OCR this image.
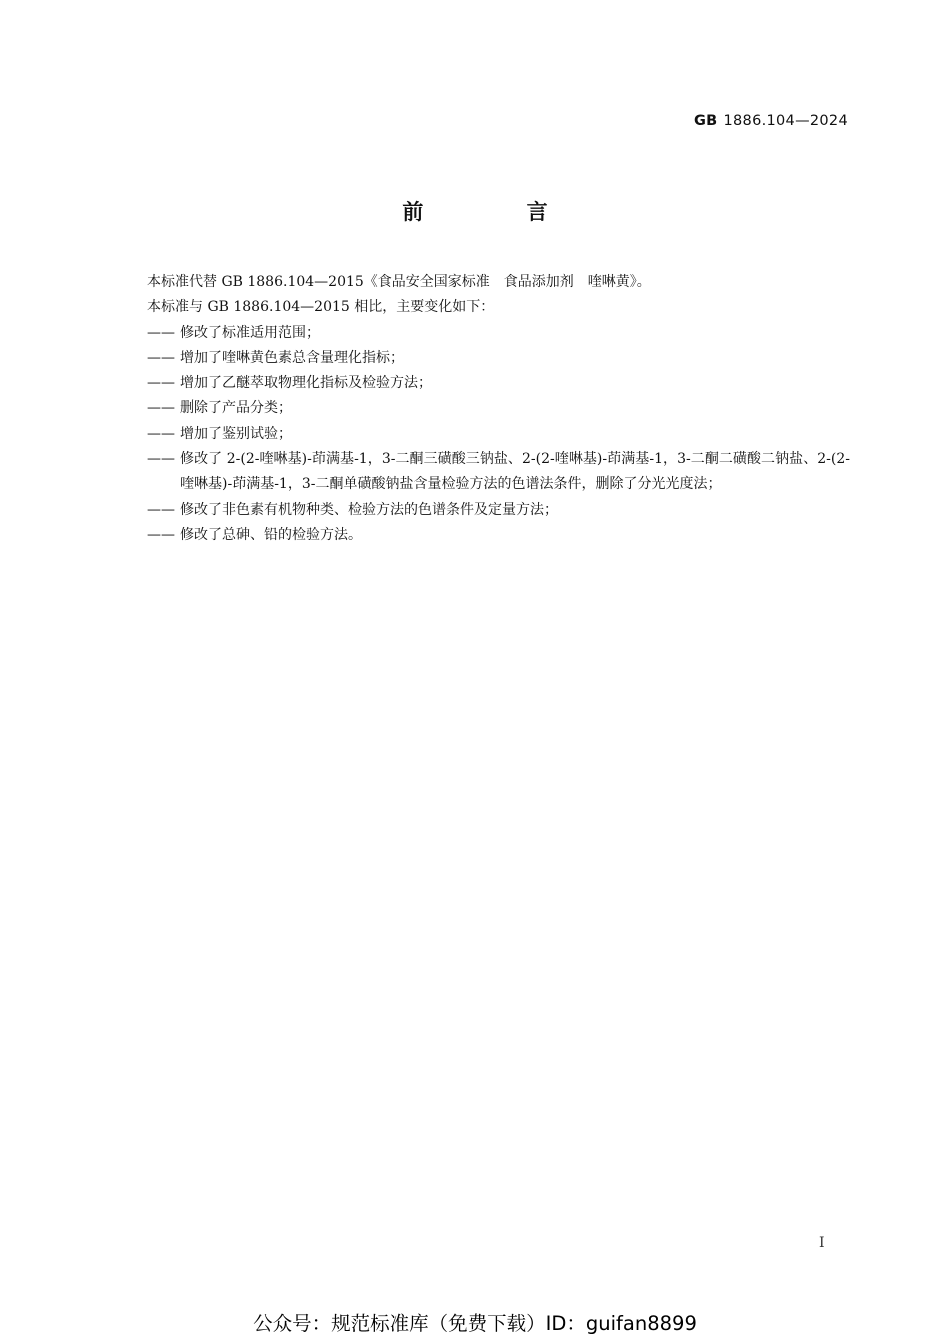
GB 1886.104—2024
前 言

本标准代替 GB 1886.104—2015《食品安全国家标准　食品添加剂　喹啉黄》。

本标准与 GB 1886.104—2015 相比，主要变化如下：

—— 修改了标准适用范围；

—— 增加了喹啉黄色素总含量理化指标；

—— 增加了乙醚萃取物理化指标及检验方法；

—— 删除了产品分类；

—— 增加了鉴别试验；

—— 修改了 2-(2-喹啉基)-茚满基-1，3-二酮三磺酸三钠盐、2-(2-喹啉基)-茚满基-1，3-二酮二磺酸二钠盐、2-(2-喹啉基)-茚满基-1，3-二酮单磺酸钠盐含量检验方法的色谱法条件，删除了分光光度法；

—— 修改了非色素有机物种类、检验方法的色谱条件及定量方法；

—— 修改了总砷、铅的检验方法。

I
公众号：规范标准库（免费下载）ID：guifan8899
